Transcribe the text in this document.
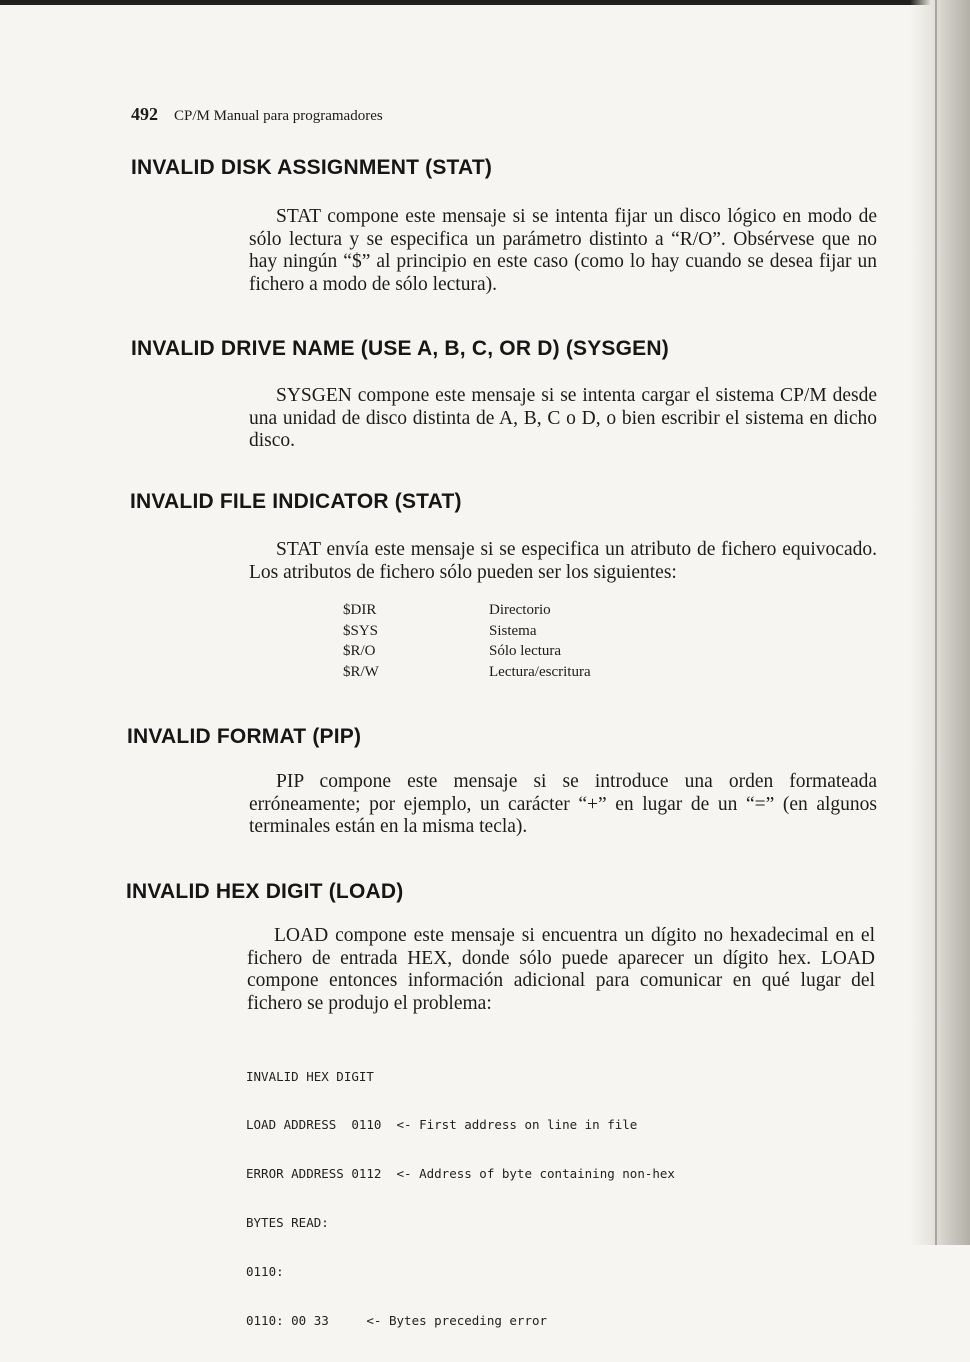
492 CP/M Manual para programadores
INVALID DISK ASSIGNMENT (STAT)
STAT compone este mensaje si se intenta fijar un disco lógico en modo de sólo lectura y se especifica un parámetro distinto a “R/O”. Obsérvese que no hay ningún “$” al principio en este caso (como lo hay cuando se desea fijar un fichero a modo de sólo lectura).
INVALID DRIVE NAME (USE A, B, C, OR D) (SYSGEN)
SYSGEN compone este mensaje si se intenta cargar el sistema CP/M desde una unidad de disco distinta de A, B, C o D, o bien escribir el sistema en dicho disco.
INVALID FILE INDICATOR (STAT)
STAT envía este mensaje si se especifica un atributo de fichero equivocado. Los atributos de fichero sólo pueden ser los siguientes:
$DIR	Directorio
$SYS	Sistema
$R/O	Sólo lectura
$R/W	Lectura/escritura
INVALID FORMAT (PIP)
PIP compone este mensaje si se introduce una orden formateada erróneamente; por ejemplo, un carácter “+” en lugar de un “=” (en algunos terminales están en la misma tecla).
INVALID HEX DIGIT (LOAD)
LOAD compone este mensaje si encuentra un dígito no hexadecimal en el fichero de entrada HEX, donde sólo puede aparecer un dígito hex. LOAD compone entonces información adicional para comunicar en qué lugar del fichero se produjo el problema:

INVALID HEX DIGIT

LOAD ADDRESS  0110  <- First address on line in file

ERROR ADDRESS 0112  <- Address of byte containing non-hex

BYTES READ:

0110:

0110: 00 33     <- Bytes preceding error
